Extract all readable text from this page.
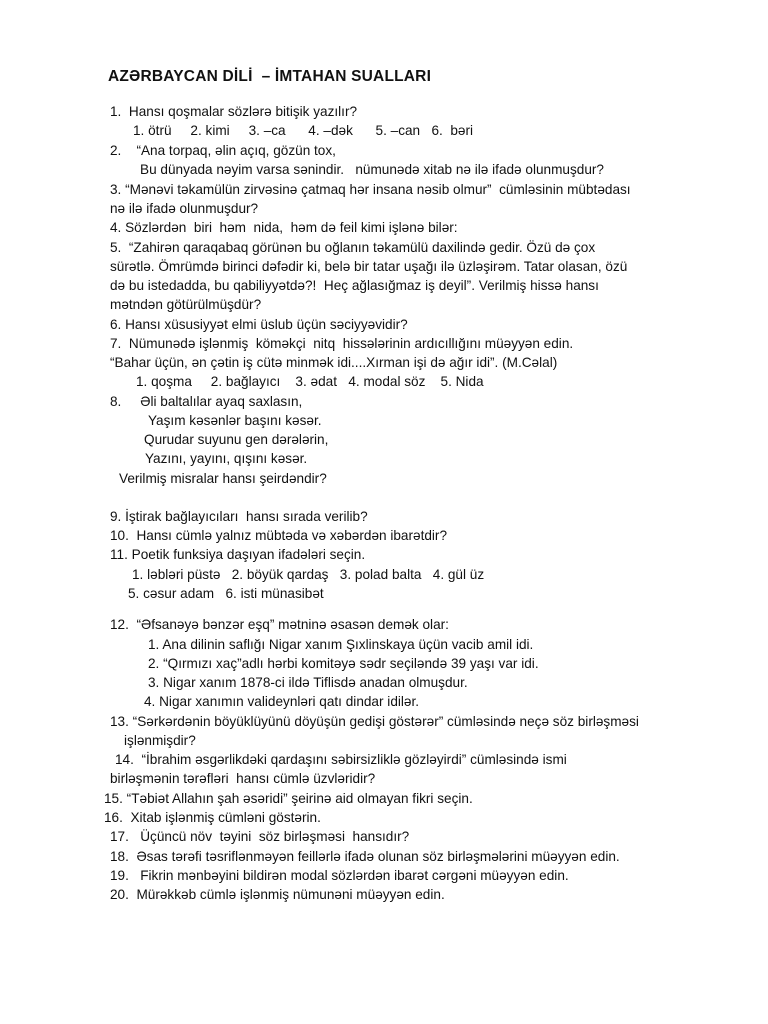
AZƏRBAYCAN DİLİ  – İMTAHAN SUALLARI
1.  Hansı qoşmalar sözlərə bitişik yazılır?
1. ötrü     2. kimi     3. –ca      4. –dək      5. –can   6.  bəri
2.    “Ana torpaq, əlin açıq, gözün tox,
Bu dünyada nəyim varsa sənindir.   nümunədə xitab nə ilə ifadə olunmuşdur?
3. “Mənəvi təkamülün zirvəsinə çatmaq hər insana nəsib olmur”  cümləsinin mübtədası
nə ilə ifadə olunmuşdur?
4. Sözlərdən  biri  həm  nida,  həm də feil kimi işlənə bilər:
5.  “Zahirən qaraqabaq görünən bu oğlanın təkamülü daxilində gedir. Özü də çox
sürətlə. Ömrümdə birinci dəfədir ki, belə bir tatar uşağı ilə üzləşirəm. Tatar olasan, özü
də bu istedadda, bu qabiliyyətdə?!  Heç ağlasığmaz iş deyil”. Verilmiş hissə hansı
mətndən götürülmüşdür?
6. Hansı xüsusiyyət elmi üslub üçün səciyyəvidir?
7.  Nümunədə işlənmiş  köməkçi  nitq  hissələrinin ardıcıllığını müəyyən edin.
“Bahar üçün, ən çətin iş cütə minmək idi....Xırman işi də ağır idi”. (M.Cəlal)
1. qoşma     2. bağlayıcı    3. ədat   4. modal söz    5. Nida
8.     Əli baltalılar ayaq saxlasın,
Yaşım kəsənlər başını kəsər.
Qurudar suyunu gen dərələrin,
Yazını, yayını, qışını kəsər.
Verilmiş misralar hansı şeirdəndir?
9. İştirak bağlayıcıları  hansı sırada verilib?
10.  Hansı cümlə yalnız mübtəda və xəbərdən ibarətdir?
11. Poetik funksiya daşıyan ifadələri seçin.
1. ləbləri püstə   2. böyük qardaş   3. polad balta   4. gül üz
5. cəsur adam   6. isti münasibət
12.  “Əfsanəyə bənzər eşq” mətninə əsasən demək olar:
1. Ana dilinin saflığı Nigar xanım Şıxlinskaya üçün vacib amil idi.
2. “Qırmızı xaç”adlı hərbi komitəyə sədr seçiləndə 39 yaşı var idi.
3. Nigar xanım 1878-ci ildə Tiflisdə anadan olmuşdur.
4. Nigar xanımın valideynləri qatı dindar idilər.
13. “Sərkərdənin böyüklüyünü döyüşün gedişi göstərər” cümləsində neçə söz birləşməsi
işlənmişdir?
14.  “İbrahim əsgərlikdəki qardaşını səbirsizliklə gözləyirdi” cümləsində ismi
birləşmənin tərəfləri  hansı cümlə üzvləridir?
15. “Təbiət Allahın şah əsəridi” şeirinə aid olmayan fikri seçin.
16.  Xitab işlənmiş cümləni göstərin.
17.   Üçüncü növ  təyini  söz birləşməsi  hansıdır?
18.  Əsas tərəfi təsriflənməyən feillərlə ifadə olunan söz birləşmələrini müəyyən edin.
19.   Fikrin mənbəyini bildirən modal sözlərdən ibarət cərgəni müəyyən edin.
20.  Mürəkkəb cümlə işlənmiş nümunəni müəyyən edin.
